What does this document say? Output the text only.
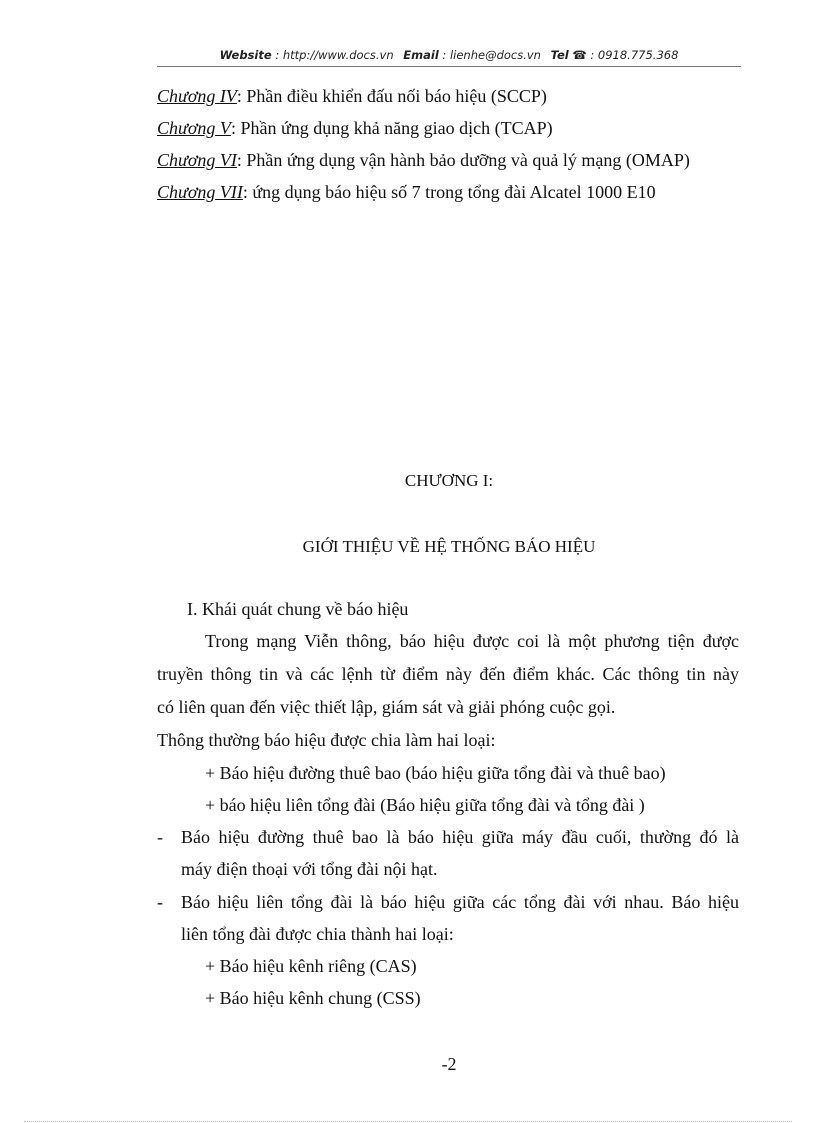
Website : http://www.docs.vn Email : lienhe@docs.vn Tel ☎ : 0918.775.368
Chương IV: Phần điều khiển đấu nối báo hiệu (SCCP)
Chương V: Phần ứng dụng khả năng giao dịch (TCAP)
Chương VI: Phần ứng dụng vận hành bảo dưỡng và quả lý mạng (OMAP)
Chương VII: ứng dụng báo hiệu số 7 trong tổng đài Alcatel 1000 E10
CHƯƠNG I:
GIỚI THIỆU VỀ HỆ THỐNG BÁO HIỆU
I. Khái quát chung về báo hiệu
Trong mạng Viễn thông, báo hiệu được coi là một phương tiện được
truyền thông tin và các lệnh từ điểm này đến điểm khác. Các thông tin này
có liên quan đến việc thiết lập, giám sát và giải phóng cuộc gọi.
Thông thường báo hiệu được chia làm hai loại:
+ Báo hiệu đường thuê bao (báo hiệu giữa tổng đài và thuê bao)
+ báo hiệu liên tổng đài (Báo hiệu giữa tổng đài và tổng đài )
- Báo hiệu đường thuê bao là báo hiệu giữa máy đầu cuối, thường đó là
máy điện thoại với tổng đài nội hạt.
- Báo hiệu liên tổng đài là báo hiệu giữa các tổng đài với nhau. Báo hiệu
liên tổng đài được chia thành hai loại:
+ Báo hiệu kênh riêng (CAS)
+ Báo hiệu kênh chung (CSS)
-2
